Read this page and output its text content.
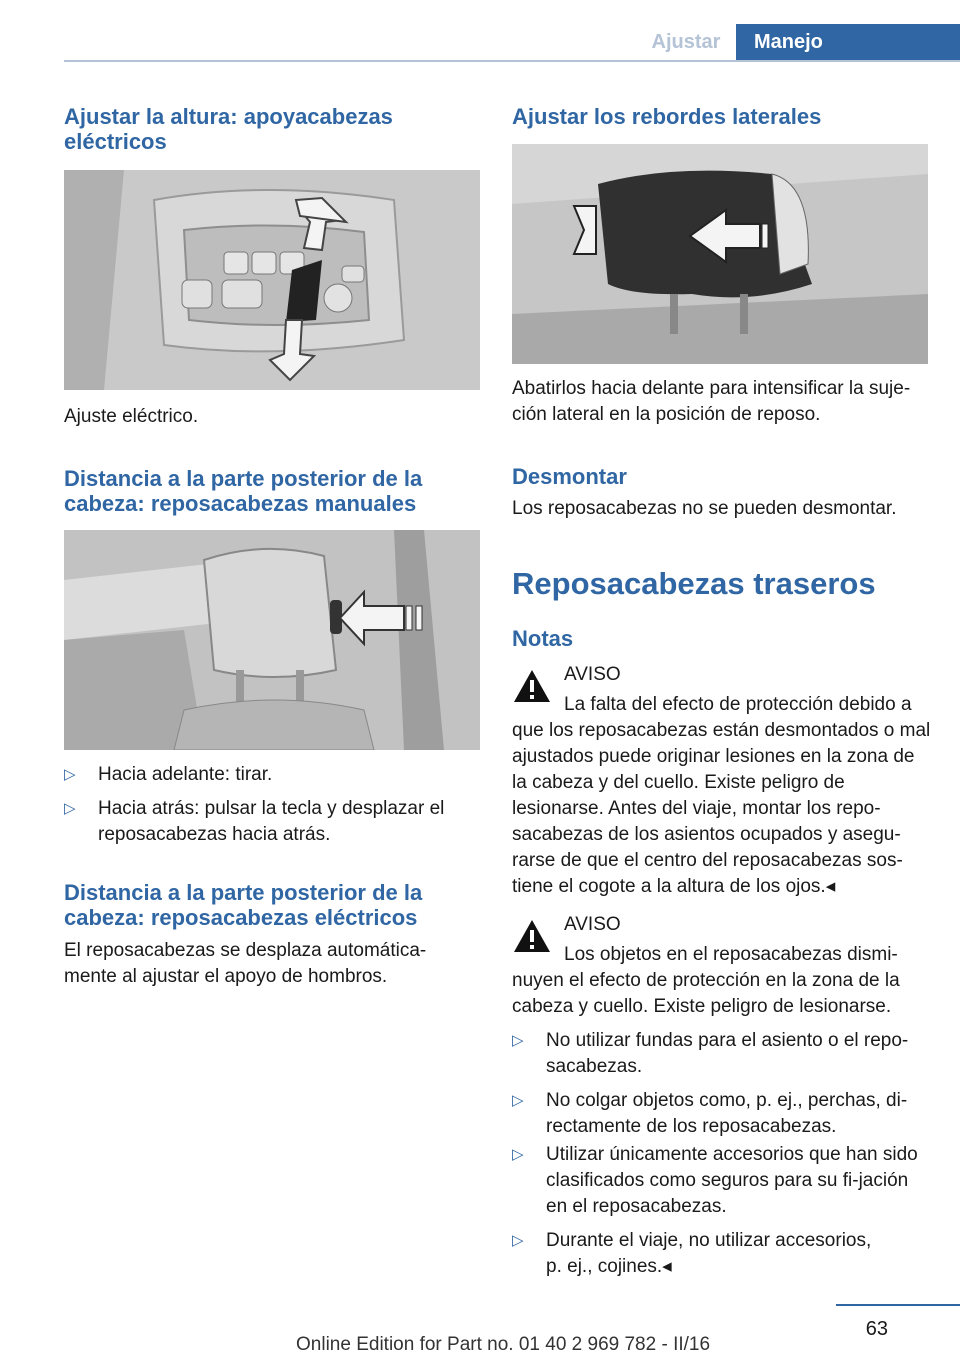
Ajustar	Manejo
Ajustar la altura: apoyacabezas eléctricos

Ajuste eléctrico.

Distancia a la parte posterior de la cabeza: reposacabezas manuales
▷	Hacia adelante: tirar.
▷	Hacia atrás: pulsar la tecla y desplazar el reposacabezas hacia atrás.
Distancia a la parte posterior de la cabeza: reposacabezas eléctricos

El reposacabezas se desplaza automática-mente al ajustar el apoyo de hombros.

Ajustar los rebordes laterales

Abatirlos hacia delante para intensificar la suje-ción lateral en la posición de reposo.

Desmontar

Los reposacabezas no se pueden desmontar.

Reposacabezas traseros
Notas
AVISO

La falta del efecto de protección debido a que los reposacabezas están desmontados o mal ajustados puede originar lesiones en la zona de la cabeza y del cuello. Existe peligro de lesionarse. Antes del viaje, montar los repo-sacabezas de los asientos ocupados y asegu-rarse de que el centro del reposacabezas sos-tiene el cogote a la altura de los ojos.◂

AVISO

Los objetos en el reposacabezas dismi-nuyen el efecto de protección en la zona de la cabeza y cuello. Existe peligro de lesionarse.

▷	No utilizar fundas para el asiento o el repo-sacabezas.
▷	No colgar objetos como, p. ej., perchas, di-rectamente de los reposacabezas.
▷	Utilizar únicamente accesorios que han sido clasificados como seguros para su fi-jación en el reposacabezas.
▷	Durante el viaje, no utilizar accesorios, p. ej., cojines.◂
63
Online Edition for Part no. 01 40 2 969 782 - II/16
